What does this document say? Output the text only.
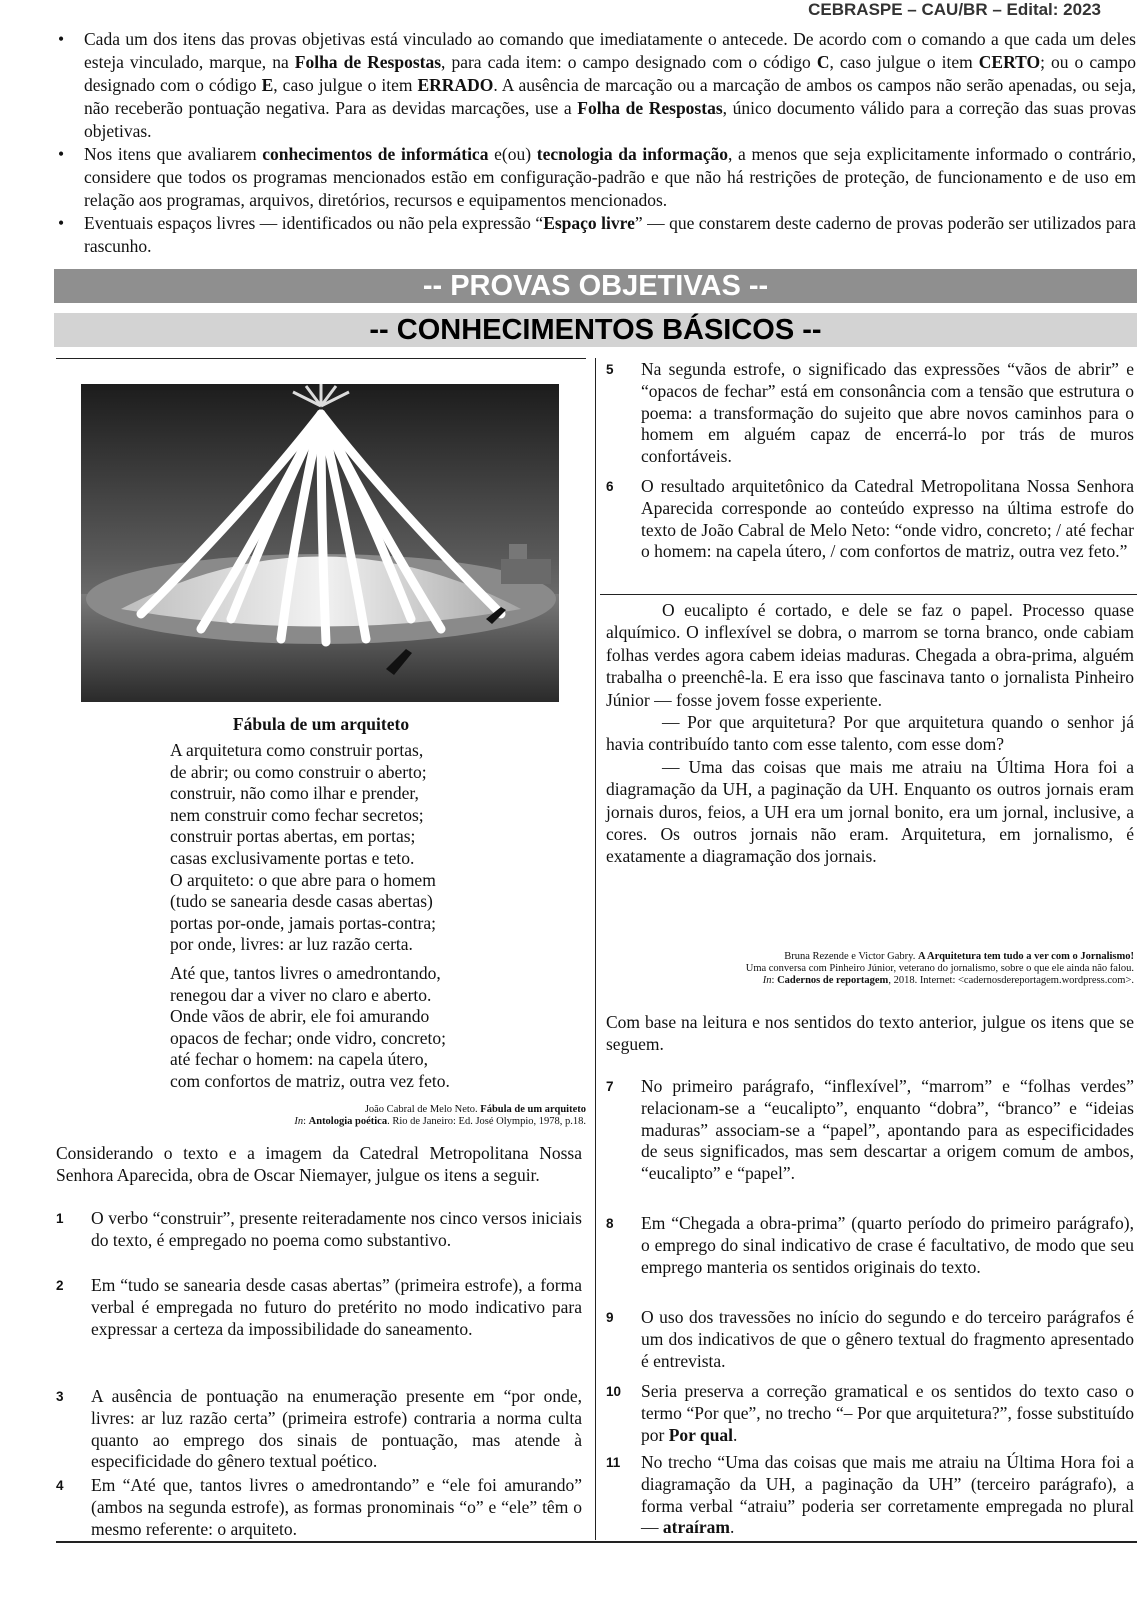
CEBRASPE – CAU/BR – Edital: 2023
• Cada um dos itens das provas objetivas está vinculado ao comando que imediatamente o antecede. De acordo com o comando a que cada um deles esteja vinculado, marque, na Folha de Respostas, para cada item: o campo designado com o código C, caso julgue o item CERTO; ou o campo designado com o código E, caso julgue o item ERRADO. A ausência de marcação ou a marcação de ambos os campos não serão apenadas, ou seja, não receberão pontuação negativa. Para as devidas marcações, use a Folha de Respostas, único documento válido para a correção das suas provas objetivas.
• Nos itens que avaliarem conhecimentos de informática e(ou) tecnologia da informação, a menos que seja explicitamente informado o contrário, considere que todos os programas mencionados estão em configuração-padrão e que não há restrições de proteção, de funcionamento e de uso em relação aos programas, arquivos, diretórios, recursos e equipamentos mencionados.
• Eventuais espaços livres — identificados ou não pela expressão “Espaço livre” — que constarem deste caderno de provas poderão ser utilizados para rascunho.
-- PROVAS OBJETIVAS --
-- CONHECIMENTOS BÁSICOS --
Fábula de um arquiteto
A arquitetura como construir portas,
de abrir; ou como construir o aberto;
construir, não como ilhar e prender,
nem construir como fechar secretos;
construir portas abertas, em portas;
casas exclusivamente portas e teto.
O arquiteto: o que abre para o homem
(tudo se sanearia desde casas abertas)
portas por-onde, jamais portas-contra;
por onde, livres: ar luz razão certa.
Até que, tantos livres o amedrontando,
renegou dar a viver no claro e aberto.
Onde vãos de abrir, ele foi amurando
opacos de fechar; onde vidro, concreto;
até fechar o homem: na capela útero,
com confortos de matriz, outra vez feto.
João Cabral de Melo Neto. Fábula de um arquiteto
In: Antologia poética. Rio de Janeiro: Ed. José Olympio, 1978, p.18.
Considerando o texto e a imagem da Catedral Metropolitana Nossa Senhora Aparecida, obra de Oscar Niemayer, julgue os itens a seguir.
1 O verbo “construir”, presente reiteradamente nos cinco versos iniciais do texto, é empregado no poema como substantivo.
2 Em “tudo se sanearia desde casas abertas” (primeira estrofe), a forma verbal é empregada no futuro do pretérito no modo indicativo para expressar a certeza da impossibilidade do saneamento.
3 A ausência de pontuação na enumeração presente em “por onde, livres: ar luz razão certa” (primeira estrofe) contraria a norma culta quanto ao emprego dos sinais de pontuação, mas atende à especificidade do gênero textual poético.
4 Em “Até que, tantos livres o amedrontando” e “ele foi amurando” (ambos na segunda estrofe), as formas pronominais “o” e “ele” têm o mesmo referente: o arquiteto.
5 Na segunda estrofe, o significado das expressões “vãos de abrir” e “opacos de fechar” está em consonância com a tensão que estrutura o poema: a transformação do sujeito que abre novos caminhos para o homem em alguém capaz de encerrá-lo por trás de muros confortáveis.
6 O resultado arquitetônico da Catedral Metropolitana Nossa Senhora Aparecida corresponde ao conteúdo expresso na última estrofe do texto de João Cabral de Melo Neto: “onde vidro, concreto; / até fechar o homem: na capela útero, / com confortos de matriz, outra vez feto.”

O eucalipto é cortado, e dele se faz o papel. Processo quase alquímico. O inflexível se dobra, o marrom se torna branco, onde cabiam folhas verdes agora cabem ideias maduras. Chegada a obra-prima, alguém trabalha o preenchê-la. E era isso que fascinava tanto o jornalista Pinheiro Júnior — fosse jovem fosse experiente.

— Por que arquitetura? Por que arquitetura quando o senhor já havia contribuído tanto com esse talento, com esse dom?

— Uma das coisas que mais me atraiu na Última Hora foi a diagramação da UH, a paginação da UH. Enquanto os outros jornais eram jornais duros, feios, a UH era um jornal bonito, era um jornal, inclusive, a cores. Os outros jornais não eram. Arquitetura, em jornalismo, é exatamente a diagramação dos jornais.

Bruna Rezende e Victor Gabry. A Arquitetura tem tudo a ver com o Jornalismo!
Uma conversa com Pinheiro Júnior, veterano do jornalismo, sobre o que ele ainda não falou.
In: Cadernos de reportagem, 2018. Internet: <cadernosdereportagem.wordpress.com>.
Com base na leitura e nos sentidos do texto anterior, julgue os itens que se seguem.
7 No primeiro parágrafo, “inflexível”, “marrom” e “folhas verdes” relacionam-se a “eucalipto”, enquanto “dobra”, “branco” e “ideias maduras” associam-se a “papel”, apontando para as especificidades de seus significados, mas sem descartar a origem comum de ambos, “eucalipto” e “papel”.
8 Em “Chegada a obra-prima” (quarto período do primeiro parágrafo), o emprego do sinal indicativo de crase é facultativo, de modo que seu emprego manteria os sentidos originais do texto.
9 O uso dos travessões no início do segundo e do terceiro parágrafos é um dos indicativos de que o gênero textual do fragmento apresentado é entrevista.
10 Seria preserva a correção gramatical e os sentidos do texto caso o termo “Por que”, no trecho “– Por que arquitetura?”, fosse substituído por Por qual.
11 No trecho “Uma das coisas que mais me atraiu na Última Hora foi a diagramação da UH, a paginação da UH” (terceiro parágrafo), a forma verbal “atraiu” poderia ser corretamente empregada no plural — atraíram.
